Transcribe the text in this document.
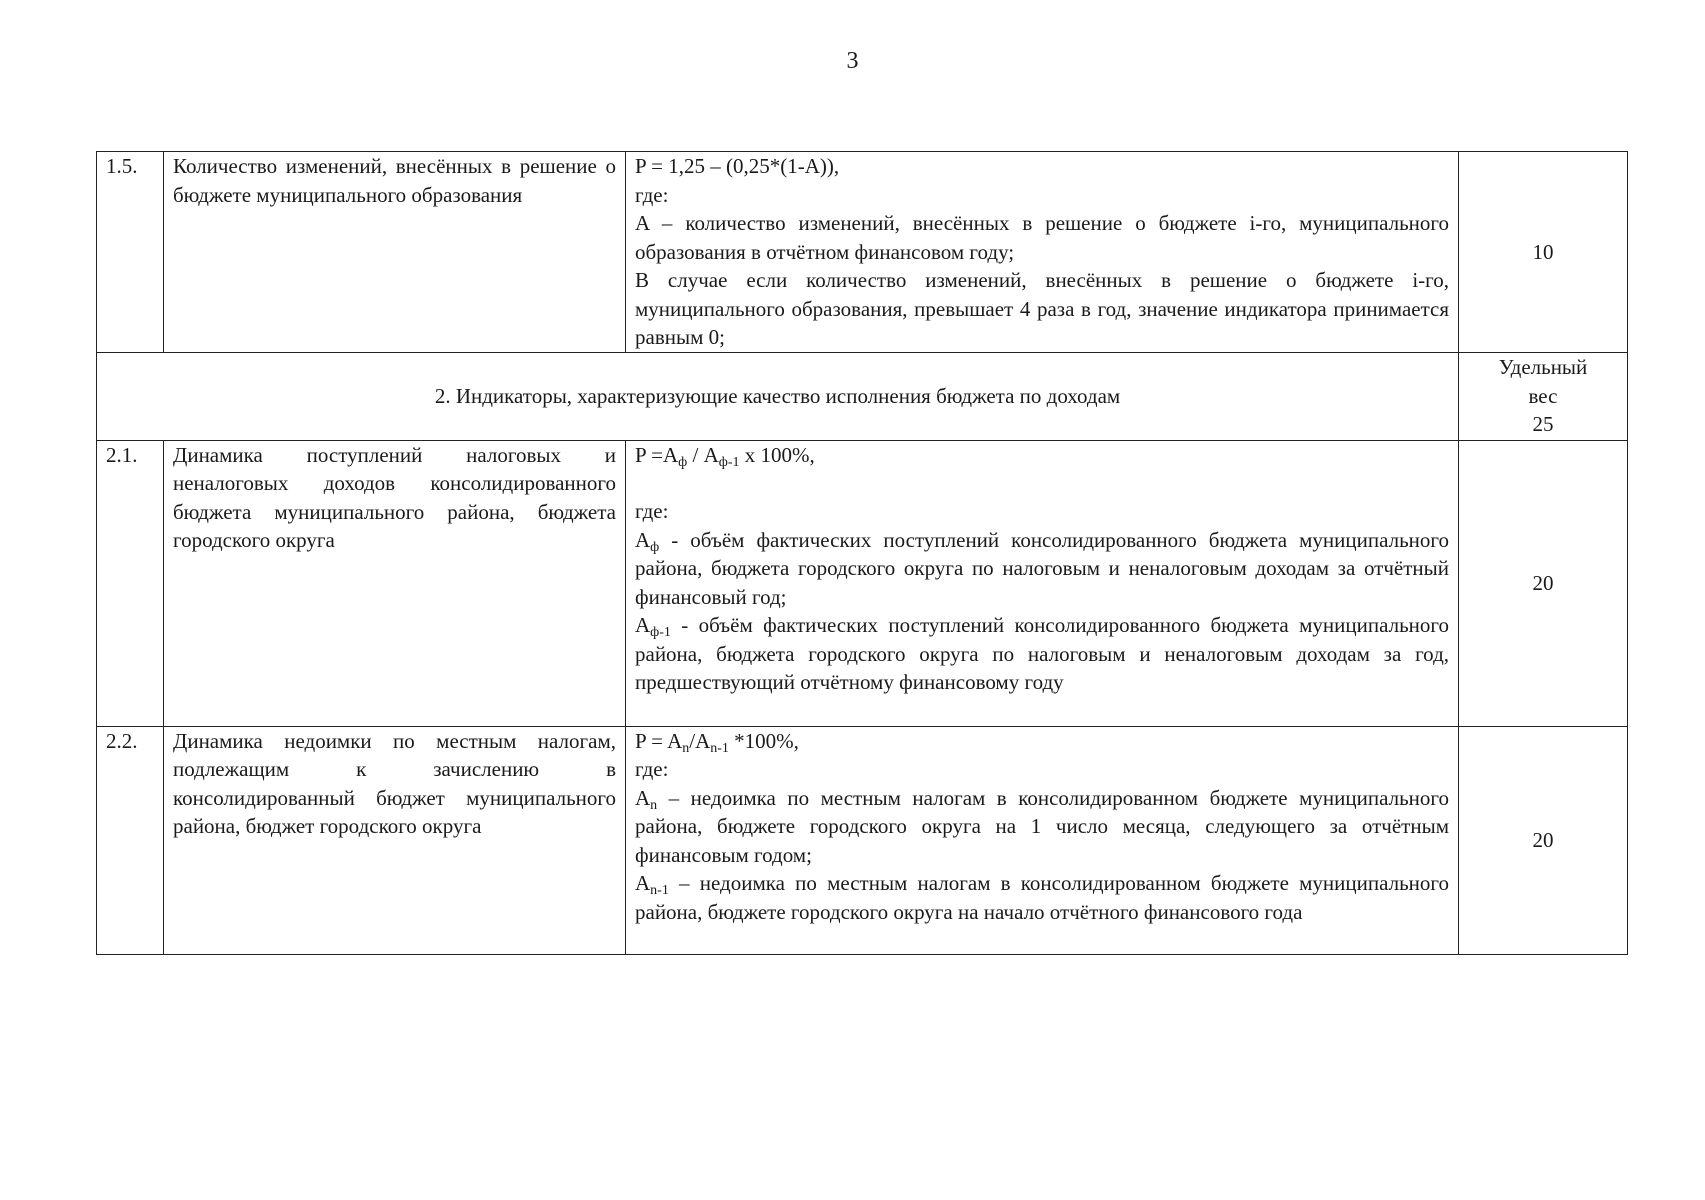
3
1.5.	Количество изменений, внесённых в решение о бюджете муниципального образования	P = 1,25 – (0,25*(1-A)),
где:
A – количество изменений, внесённых в решение о бюджете i-го, муниципального образования в отчётном финансовом году;
В случае если количество изменений, внесённых в решение о бюджете i-го, муниципального образования, превышает 4 раза в год, значение индикатора принимается равным 0;	10
2. Индикаторы, характеризующие качество исполнения бюджета по доходам			Удельный
вес
25

2.1.	Динамика поступлений налоговых и неналоговых доходов консолидированного бюджета муниципального района, бюджета городского округа	$P =A_ф / A_{ф-1}$ x 100%,
где:
$A_ф$ - объём фактических поступлений консолидированного бюджета муниципального района, бюджета городского округа по налоговым и неналоговым доходам за отчётный финансовый год;
$A_{ф-1}$ - объём фактических поступлений консолидированного бюджета муниципального района, бюджета городского округа по налоговым и неналоговым доходам за год, предшествующий отчётному финансовому году	20
2.2.	Динамика недоимки по местным налогам, подлежащим к зачислению в консолидированный бюджет муниципального района, бюджет городского округа	$P = A_n/A_{n-1}$ *100%,
где:
$A_n$ – недоимка по местным налогам в консолидированном бюджете муниципального района, бюджете городского округа на 1 число месяца, следующего за отчётным финансовым годом;
$A_{n-1}$ – недоимка по местным налогам в консолидированном бюджете муниципального района, бюджете городского округа на начало отчётного финансового года	20
